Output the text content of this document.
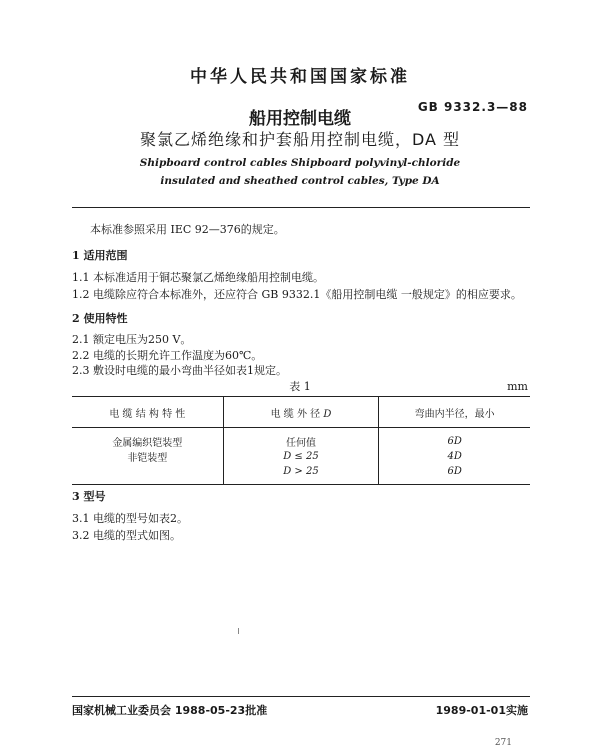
中华人民共和国国家标准
GB 9332.3—88
船用控制电缆
聚氯乙烯绝缘和护套船用控制电缆，DA 型
Shipboard control cables Shipboard polyvinyl-chloride
insulated and sheathed control cables, Type DA
本标准参照采用 IEC 92—376的规定。
1 适用范围
1.1 本标准适用于铜芯聚氯乙烯绝缘船用控制电缆。
1.2 电缆除应符合本标准外，还应符合 GB 9332.1《船用控制电缆 一般规定》的相应要求。
2 使用特性
2.1 额定电压为250 V。
2.2 电缆的长期允许工作温度为60℃。
2.3 敷设时电缆的最小弯曲半径如表1规定。
表 1	mm
电 缆 结 构 特 性	电 缆 外 径 D	弯曲内半径，最小
金属编织铠装型	任何值	6D
非铠装型	D ≤ 25	4D
	D > 25	6D
3 型号
3.1 电缆的型号如表2。
3.2 电缆的型式如图。
国家机械工业委员会 1988-05-23批准	1989-01-01实施
271
